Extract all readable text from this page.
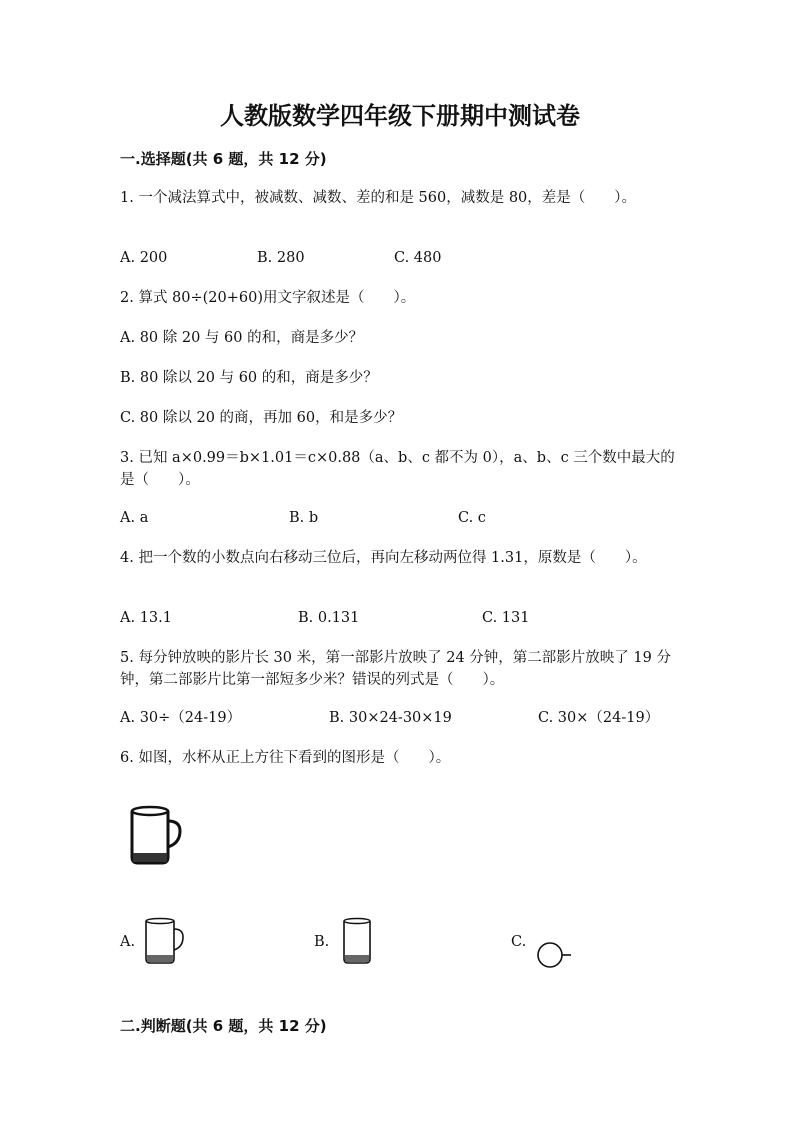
人教版数学四年级下册期中测试卷
一.选择题(共 6 题，共 12 分)
1. 一个减法算式中，被减数、减数、差的和是 560，减数是 80，差是（　　）。
A. 200	B. 280	C. 480
2. 算式 80÷(20+60)用文字叙述是（　　）。
A. 80 除 20 与 60 的和，商是多少？
B. 80 除以 20 与 60 的和，商是多少？
C. 80 除以 20 的商，再加 60，和是多少？
3. 已知 a×0.99＝b×1.01＝c×0.88（a、b、c 都不为 0），a、b、c 三个数中最大的是（　　）。
A. a	B. b	C. c
4. 把一个数的小数点向右移动三位后，再向左移动两位得 1.31，原数是（　　）。
A. 13.1	B. 0.131	C. 131
5. 每分钟放映的影片长 30 米，第一部影片放映了 24 分钟，第二部影片放映了 19 分钟，第二部影片比第一部短多少米？错误的列式是（　　）。
A. 30÷（24-19）	B. 30×24-30×19	C. 30×（24-19）
6. 如图，水杯从正上方往下看到的图形是（　　）。
A.	B.	C.
二.判断题(共 6 题，共 12 分)
